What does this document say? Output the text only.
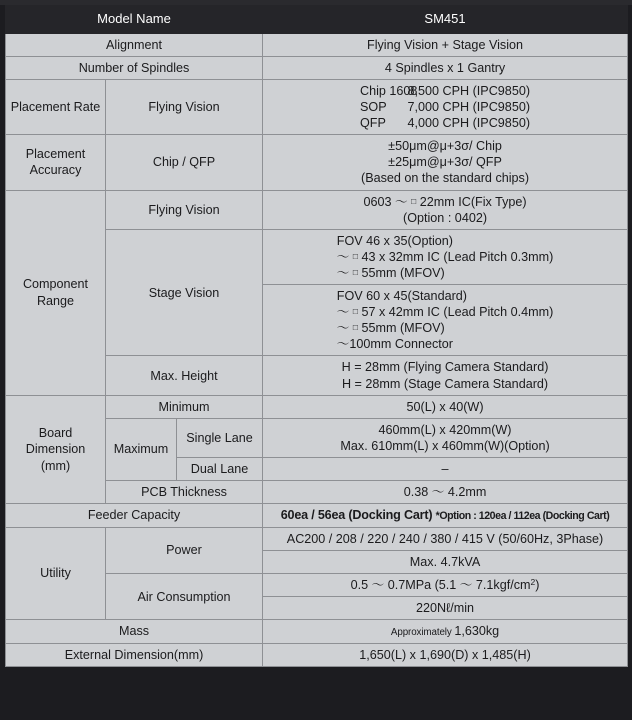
Model Name			SM451
Alignment			Flying Vision + Stage Vision
Number of Spindles			4 Spindles x 1 Gantry
Placement Rate	Flying Vision		Chip 1608 8,500 CPH (IPC9850)
SOP 7,000 CPH (IPC9850)
QFP 4,000 CPH (IPC9850)
Placement Accuracy	Chip / QFP		±50μm@μ+3σ/ Chip
±25μm@μ+3σ/ QFP
(Based on the standard chips)
Component Range	Flying Vision		0603 ～ □ 22mm IC(Fix Type)
(Option : 0402)
	Stage Vision		FOV 46 x 35(Option)
～ □ 43 x 32mm IC (Lead Pitch 0.3mm)
～ □ 55mm (MFOV)
			FOV 60 x 45(Standard)
～ □ 57 x 42mm IC (Lead Pitch 0.4mm)
～ □ 55mm (MFOV)
～100mm Connector
	Max. Height		H = 28mm (Flying Camera Standard)
H = 28mm (Stage Camera Standard)
Board
Dimension
(mm)	Minimum		50(L) x 40(W)
	Maximum	Single Lane	460mm(L) x 420mm(W)
Max. 610mm(L) x 460mm(W)(Option)
		Dual Lane	–
	PCB Thickness		0.38 ～ 4.2mm
Feeder Capacity			60ea / 56ea (Docking Cart) *Option : 120ea / 112ea (Docking Cart)
Utility	Power		AC200 / 208 / 220 / 240 / 380 / 415 V (50/60Hz, 3Phase)
			Max. 4.7kVA
	Air Consumption		0.5 ～ 0.7MPa (5.1 ～ $7.1kgf/cm^2$)
			220Nℓ/min
Mass			Approximately 1,630kg
External Dimension(mm)			1,650(L) x 1,690(D) x 1,485(H)
